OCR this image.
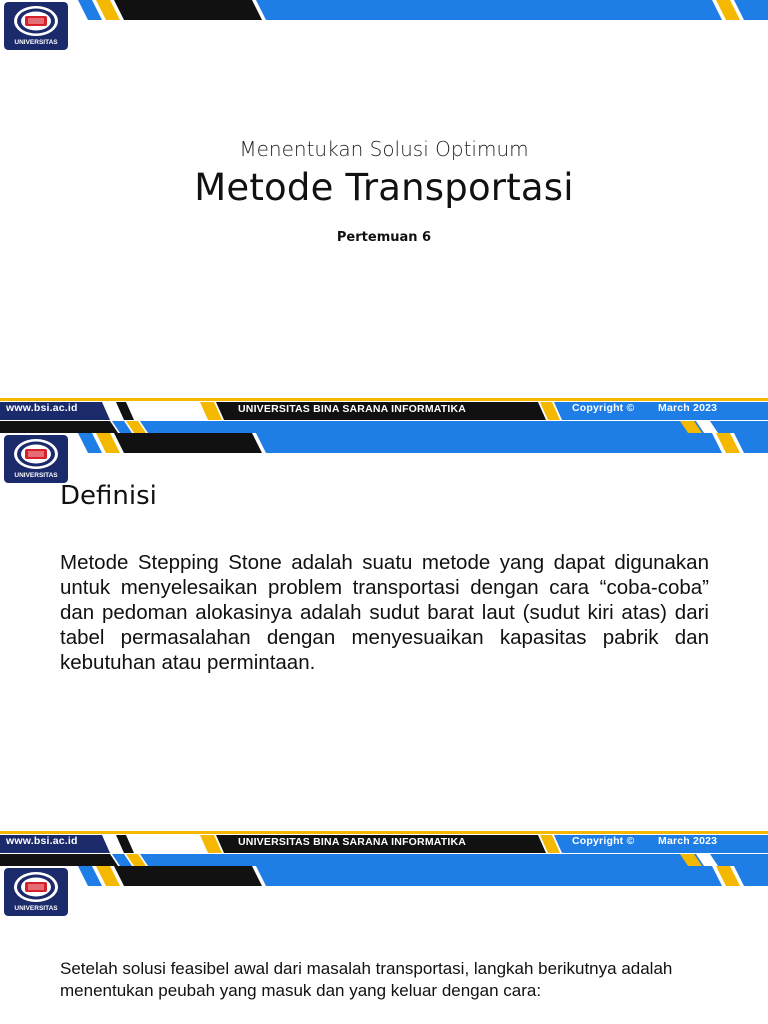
UNIVERSITAS
Menentukan Solusi Optimum
Metode Transportasi
Pertemuan 6
www.bsi.ac.id	UNIVERSITAS BINA SARANA INFORMATIKA	Copyright © March 2023
UNIVERSITAS
Definisi
Metode Stepping Stone adalah suatu metode yang dapat digunakan untuk menyelesaikan problem transportasi dengan cara “coba-coba” dan pedoman alokasinya adalah sudut barat laut (sudut kiri atas) dari tabel permasalahan dengan menyesuaikan kapasitas pabrik dan kebutuhan atau permintaan.
www.bsi.ac.id	UNIVERSITAS BINA SARANA INFORMATIKA	Copyright © March 2023
UNIVERSITAS
Setelah solusi feasibel awal dari masalah transportasi, langkah berikutnya adalah menentukan peubah yang masuk dan yang keluar dengan cara:
